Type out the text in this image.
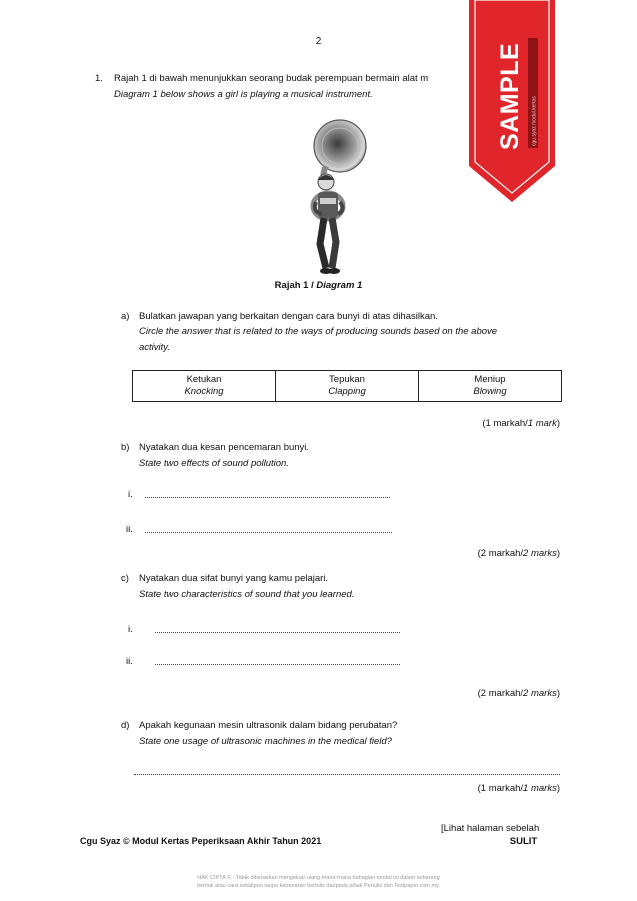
2
1. Rajah 1 di bawah menunjukkan seorang budak perempuan bermain alat m
Diagram 1 below shows a girl is playing a musical instrument.	SAMPLE cgu.syaz.modul.kertas
Rajah 1 / Diagram 1
a) Bulatkan jawapan yang berkaitan dengan cara bunyi di atas dihasilkan.
Circle the answer that is related to the ways of producing sounds based on the above
activity.
Ketukan
Knocking
Tepukan
Clapping
Meniup
Blowing
(1 markah/1 mark)
b) Nyatakan dua kesan pencemaran bunyi.
State two effects of sound pollution.
i.
ii.
(2 markah/2 marks)
c) Nyatakan dua sifat bunyi yang kamu pelajari.
State two characteristics of sound that you learned.
i.
ii.
(2 markah/2 marks)
d) Apakah kegunaan mesin ultrasonik dalam bidang perubatan?
State one usage of ultrasonic machines in the medical field?
(1 markah/1 marks)
Cgu Syaz © Modul Kertas Peperiksaan Akhir Tahun 2021
[Lihat halaman sebelah
SULIT
HAK CIPTA © : Tidak dibenarkan mengeluar ulang mana-mana bahagian modul ini dalam sebarang
bentuk atau cara sekalipun tanpa kebenaran bertulis daripada pihak Penulis dan Testpaper.com.my.
